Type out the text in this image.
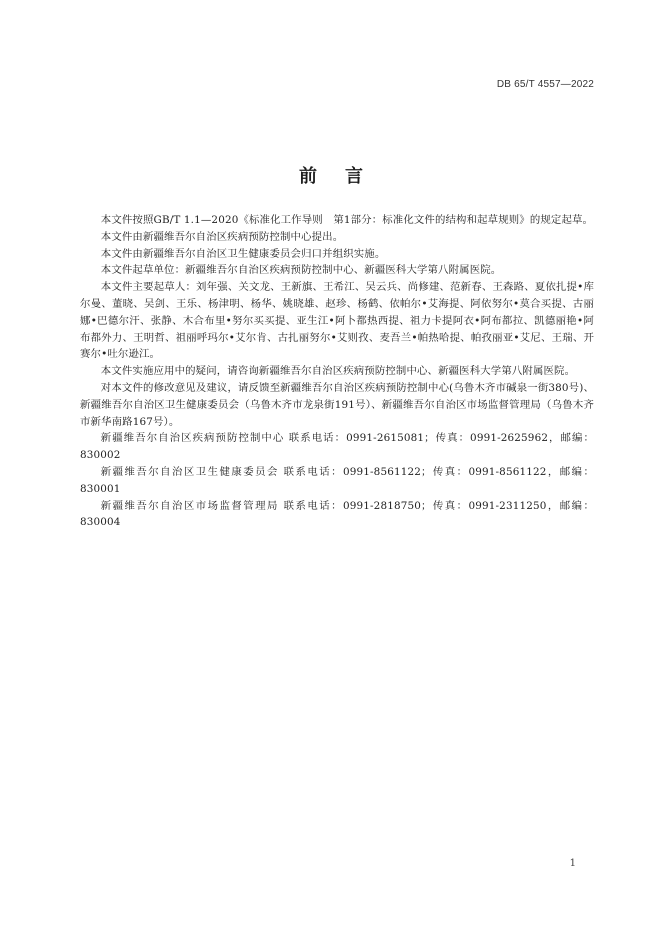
DB 65/T 4557—2022
前言

本文件按照GB/T 1.1—2020《标准化工作导则　第1部分：标准化文件的结构和起草规则》的规定起草。

本文件由新疆维吾尔自治区疾病预防控制中心提出。

本文件由新疆维吾尔自治区卫生健康委员会归口并组织实施。

本文件起草单位：新疆维吾尔自治区疾病预防控制中心、新疆医科大学第八附属医院。

本文件主要起草人：刘年强、关文龙、王新旗、王希江、吴云兵、尚修建、范新春、王森路、夏依扎提•库尔曼、董晓、吴剑、王乐、杨津明、杨华、姚晓雄、赵珍、杨鹤、依帕尔•艾海提、阿依努尔•莫合买提、古丽娜•巴德尔汗、张静、木合布里•努尔买买提、亚生江•阿卜都热西提、祖力卡提阿衣•阿布都拉、凯德丽艳•阿布都外力、王明哲、祖丽呼玛尔•艾尔肯、古扎丽努尔•艾则孜、麦吾兰•帕热哈提、帕孜丽亚•艾尼、王瑞、开赛尔•吐尔逊江。

本文件实施应用中的疑问，请咨询新疆维吾尔自治区疾病预防控制中心、新疆医科大学第八附属医院。

对本文件的修改意见及建议，请反馈至新疆维吾尔自治区疾病预防控制中心(乌鲁木齐市碱泉一街380号)、新疆维吾尔自治区卫生健康委员会（乌鲁木齐市龙泉街191号）、新疆维吾尔自治区市场监督管理局（乌鲁木齐市新华南路167号）。

新疆维吾尔自治区疾病预防控制中心 联系电话：0991-2615081；传真：0991-2625962，邮编：830002

新疆维吾尔自治区卫生健康委员会 联系电话：0991-8561122；传真：0991-8561122，邮编：830001

新疆维吾尔自治区市场监督管理局 联系电话：0991-2818750；传真：0991-2311250，邮编：830004

1
